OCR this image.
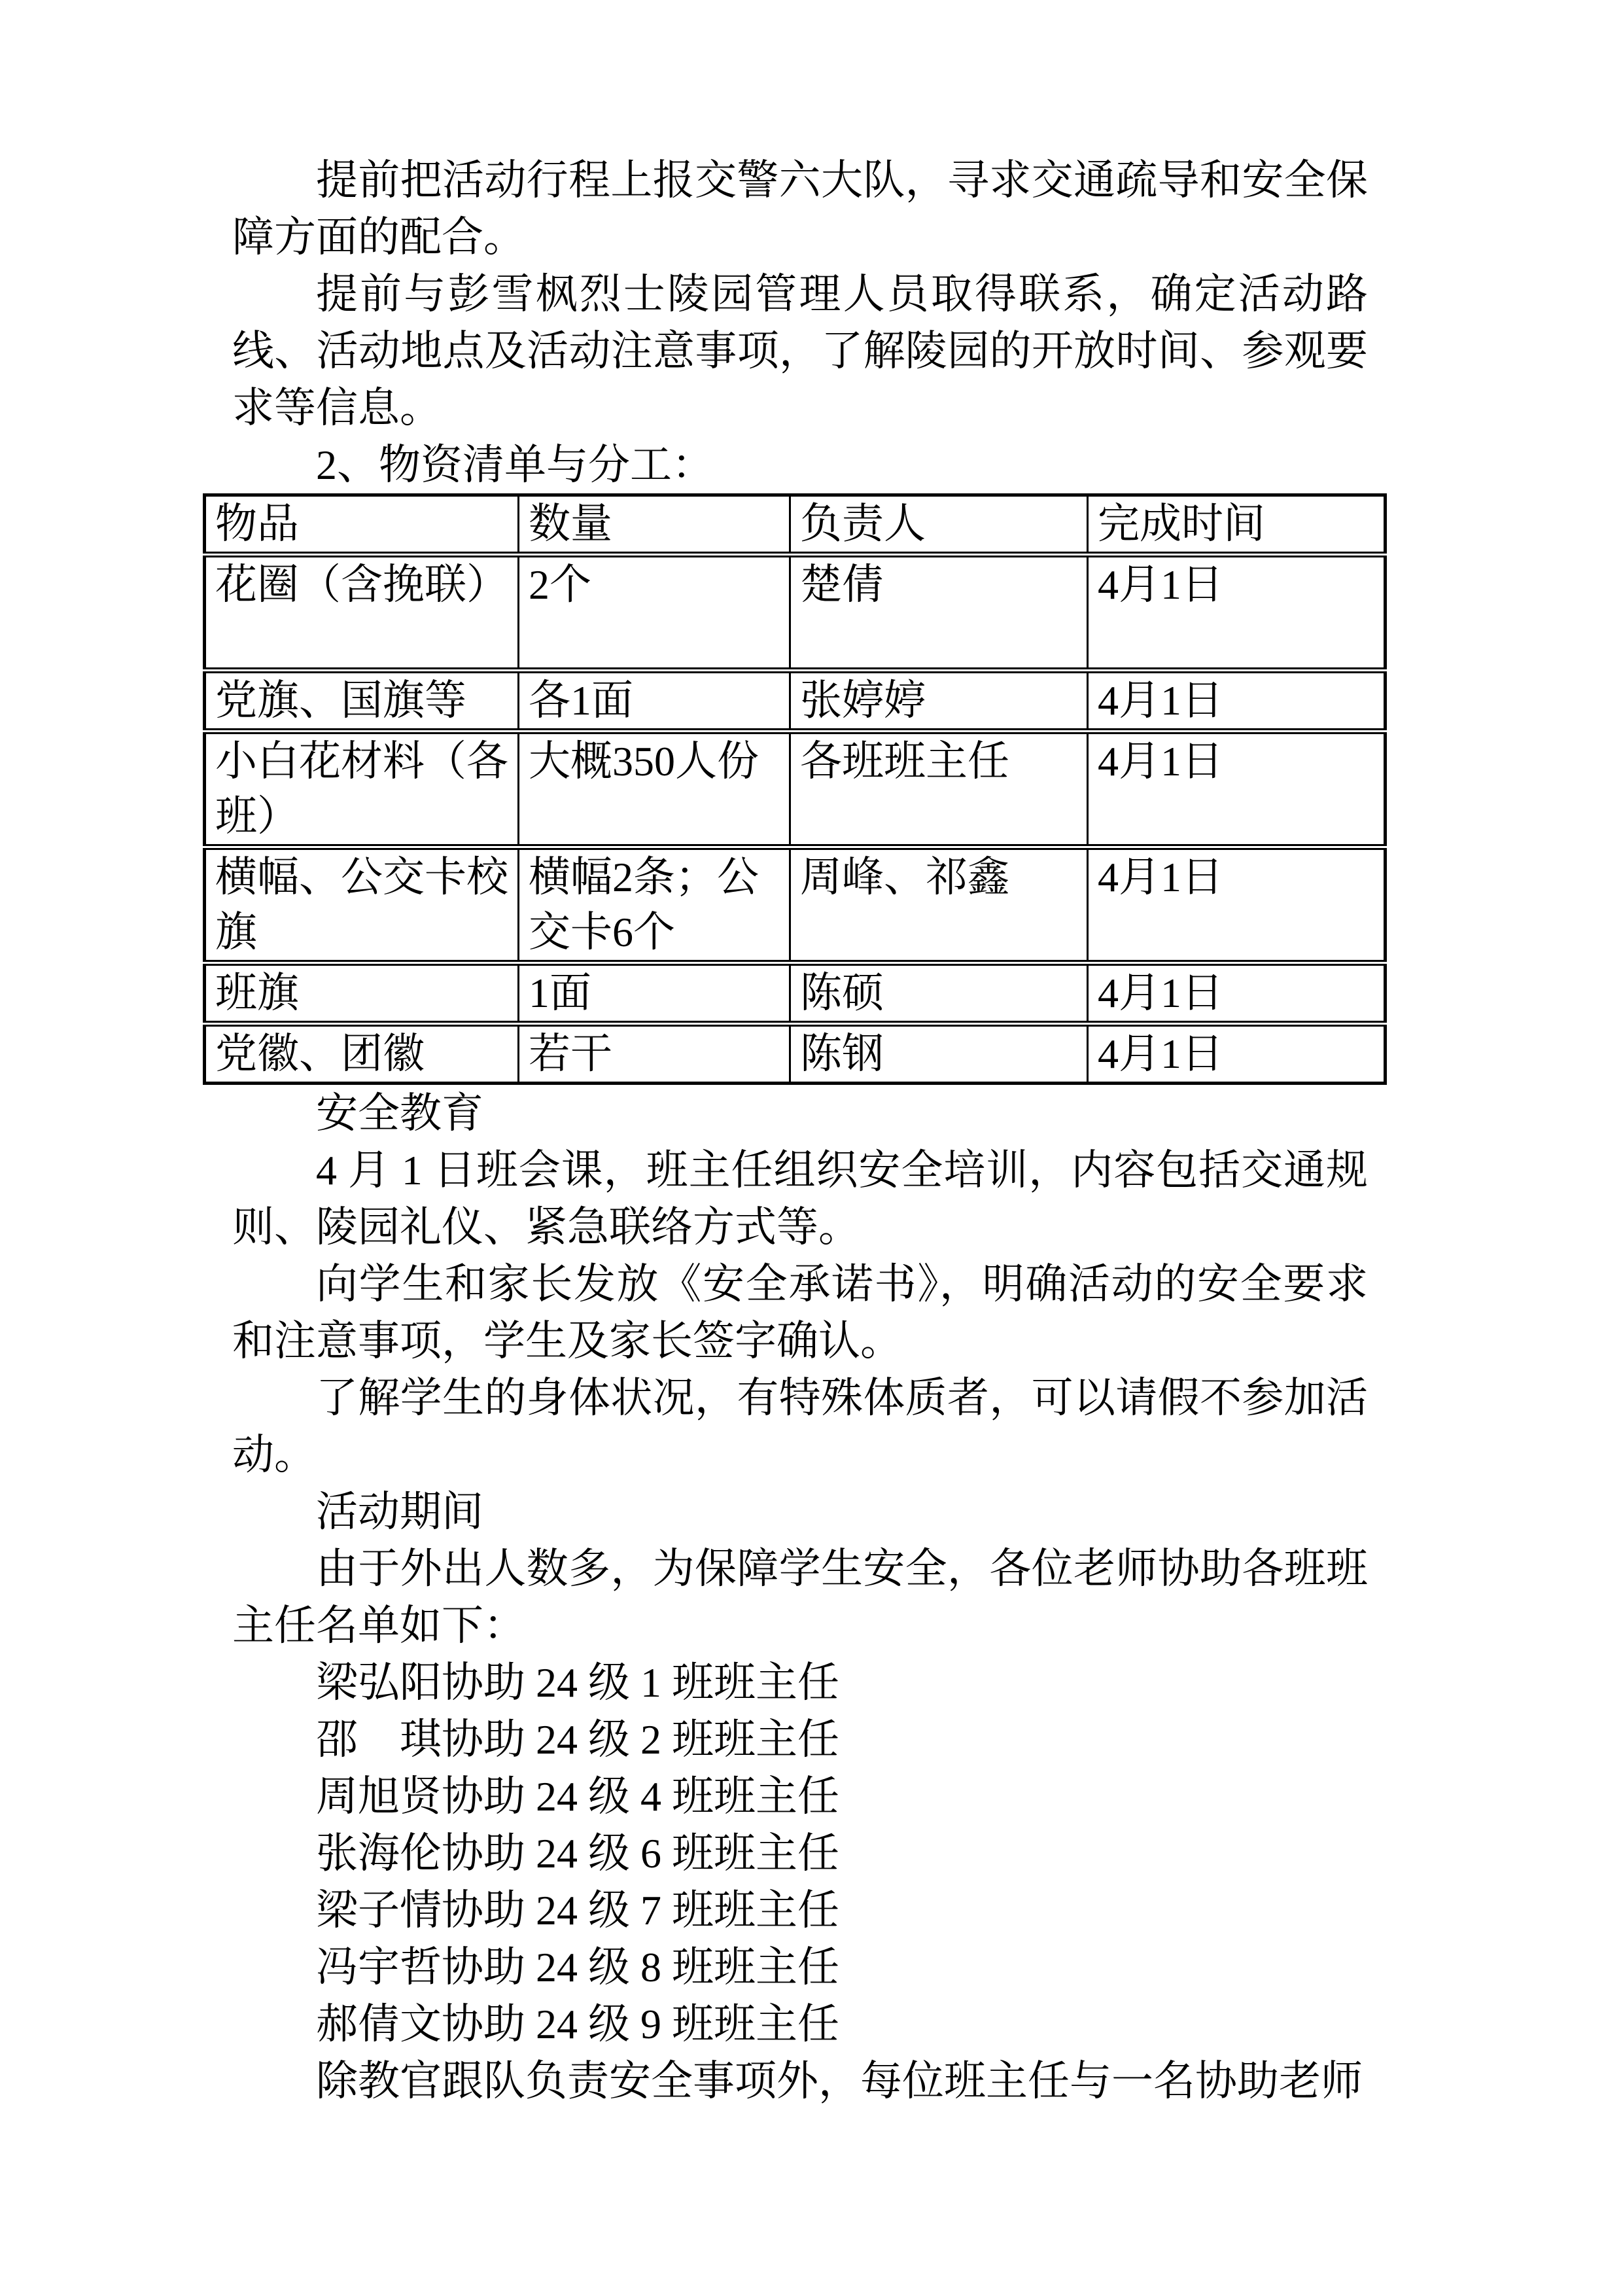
提前把活动行程上报交警六大队，寻求交通疏导和安全保障方面的配合。

提前与彭雪枫烈士陵园管理人员取得联系，确定活动路线、活动地点及活动注意事项，了解陵园的开放时间、参观要求等信息。

2、物资清单与分工：

物品	数量	负责人	完成时间
花圈（含挽联）	2个	楚倩	4月1日
党旗、国旗等	各1面	张婷婷	4月1日
小白花材料（各班）	大概350人份	各班班主任	4月1日
横幅、公交卡校旗	横幅2条；公交卡6个	周峰、祁鑫	4月1日
班旗	1面	陈硕	4月1日
党徽、团徽	若干	陈钢	4月1日

安全教育

4 月 1 日班会课，班主任组织安全培训，内容包括交通规则、陵园礼仪、紧急联络方式等。

向学生和家长发放《安全承诺书》，明确活动的安全要求和注意事项，学生及家长签字确认。

了解学生的身体状况，有特殊体质者，可以请假不参加活动。

活动期间

由于外出人数多，为保障学生安全，各位老师协助各班班主任名单如下：

梁弘阳协助 24 级 1 班班主任

邵　琪协助 24 级 2 班班主任

周旭贤协助 24 级 4 班班主任

张海伦协助 24 级 6 班班主任

梁子情协助 24 级 7 班班主任

冯宇哲协助 24 级 8 班班主任

郝倩文协助 24 级 9 班班主任

除教官跟队负责安全事项外，每位班主任与一名协助老师
